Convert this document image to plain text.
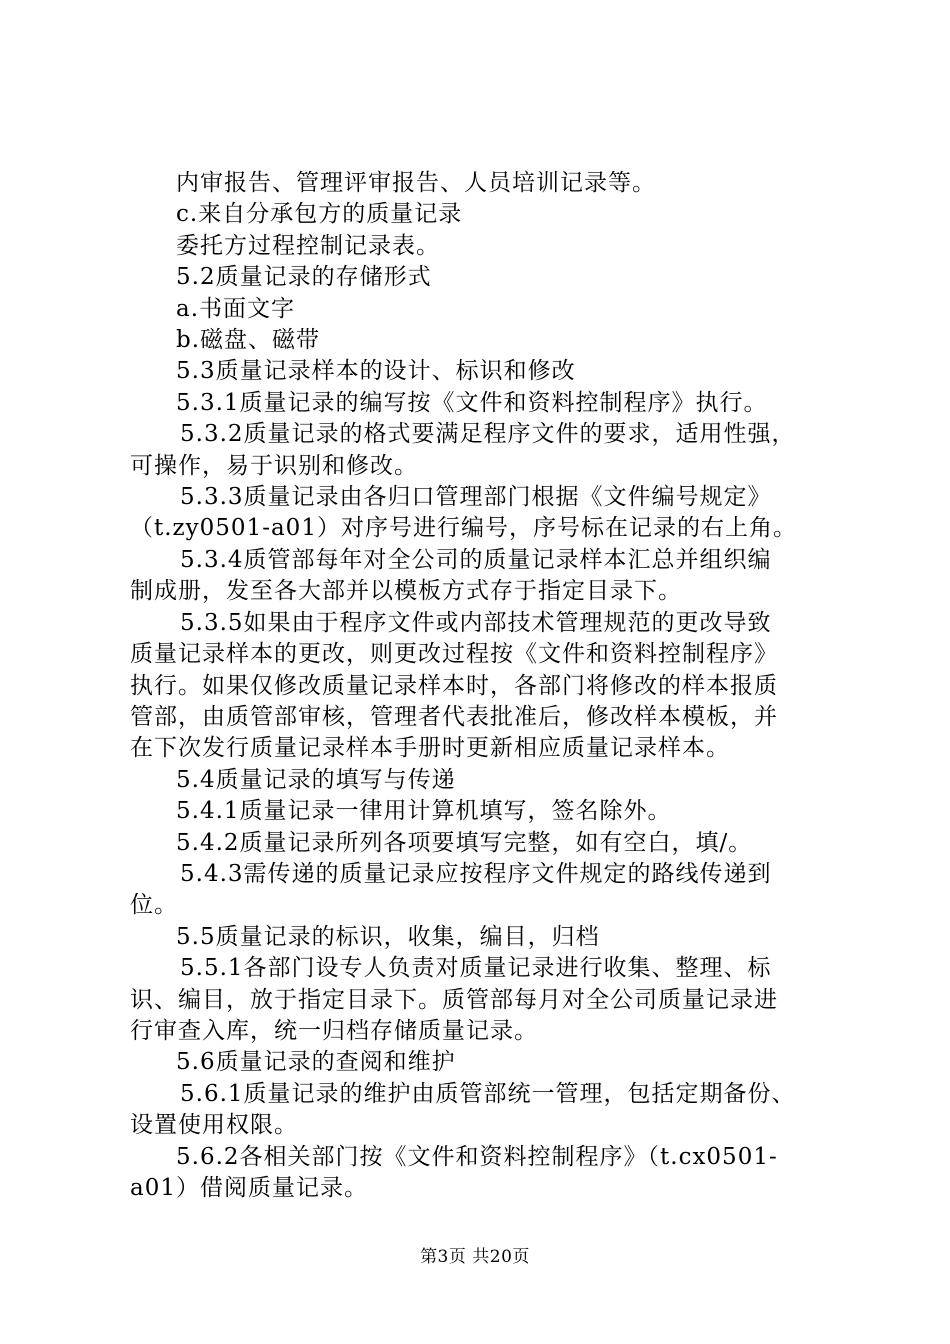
内审报告、管理评审报告、人员培训记录等。

c.来自分承包方的质量记录

委托方过程控制记录表。

5.2质量记录的存储形式

a.书面文字

b.磁盘、磁带

5.3质量记录样本的设计、标识和修改

5.3.1质量记录的编写按《文件和资料控制程序》执行。

5.3.2质量记录的格式要满足程序文件的要求，适用性强，

可操作，易于识别和修改。

5.3.3质量记录由各归口管理部门根据《文件编号规定》

（t.zy0501-a01）对序号进行编号，序号标在记录的右上角。

5.3.4质管部每年对全公司的质量记录样本汇总并组织编

制成册，发至各大部并以模板方式存于指定目录下。

5.3.5如果由于程序文件或内部技术管理规范的更改导致

质量记录样本的更改，则更改过程按《文件和资料控制程序》

执行。如果仅修改质量记录样本时，各部门将修改的样本报质

管部，由质管部审核，管理者代表批准后，修改样本模板，并

在下次发行质量记录样本手册时更新相应质量记录样本。

5.4质量记录的填写与传递

5.4.1质量记录一律用计算机填写，签名除外。

5.4.2质量记录所列各项要填写完整，如有空白，填/。

5.4.3需传递的质量记录应按程序文件规定的路线传递到

位。

5.5质量记录的标识，收集，编目，归档

5.5.1各部门设专人负责对质量记录进行收集、整理、标

识、编目，放于指定目录下。质管部每月对全公司质量记录进

行审查入库，统一归档存储质量记录。

5.6质量记录的查阅和维护

5.6.1质量记录的维护由质管部统一管理，包括定期备份、

设置使用权限。

5.6.2各相关部门按《文件和资料控制程序》（t.cx0501-

a01）借阅质量记录。

第3页 共20页
